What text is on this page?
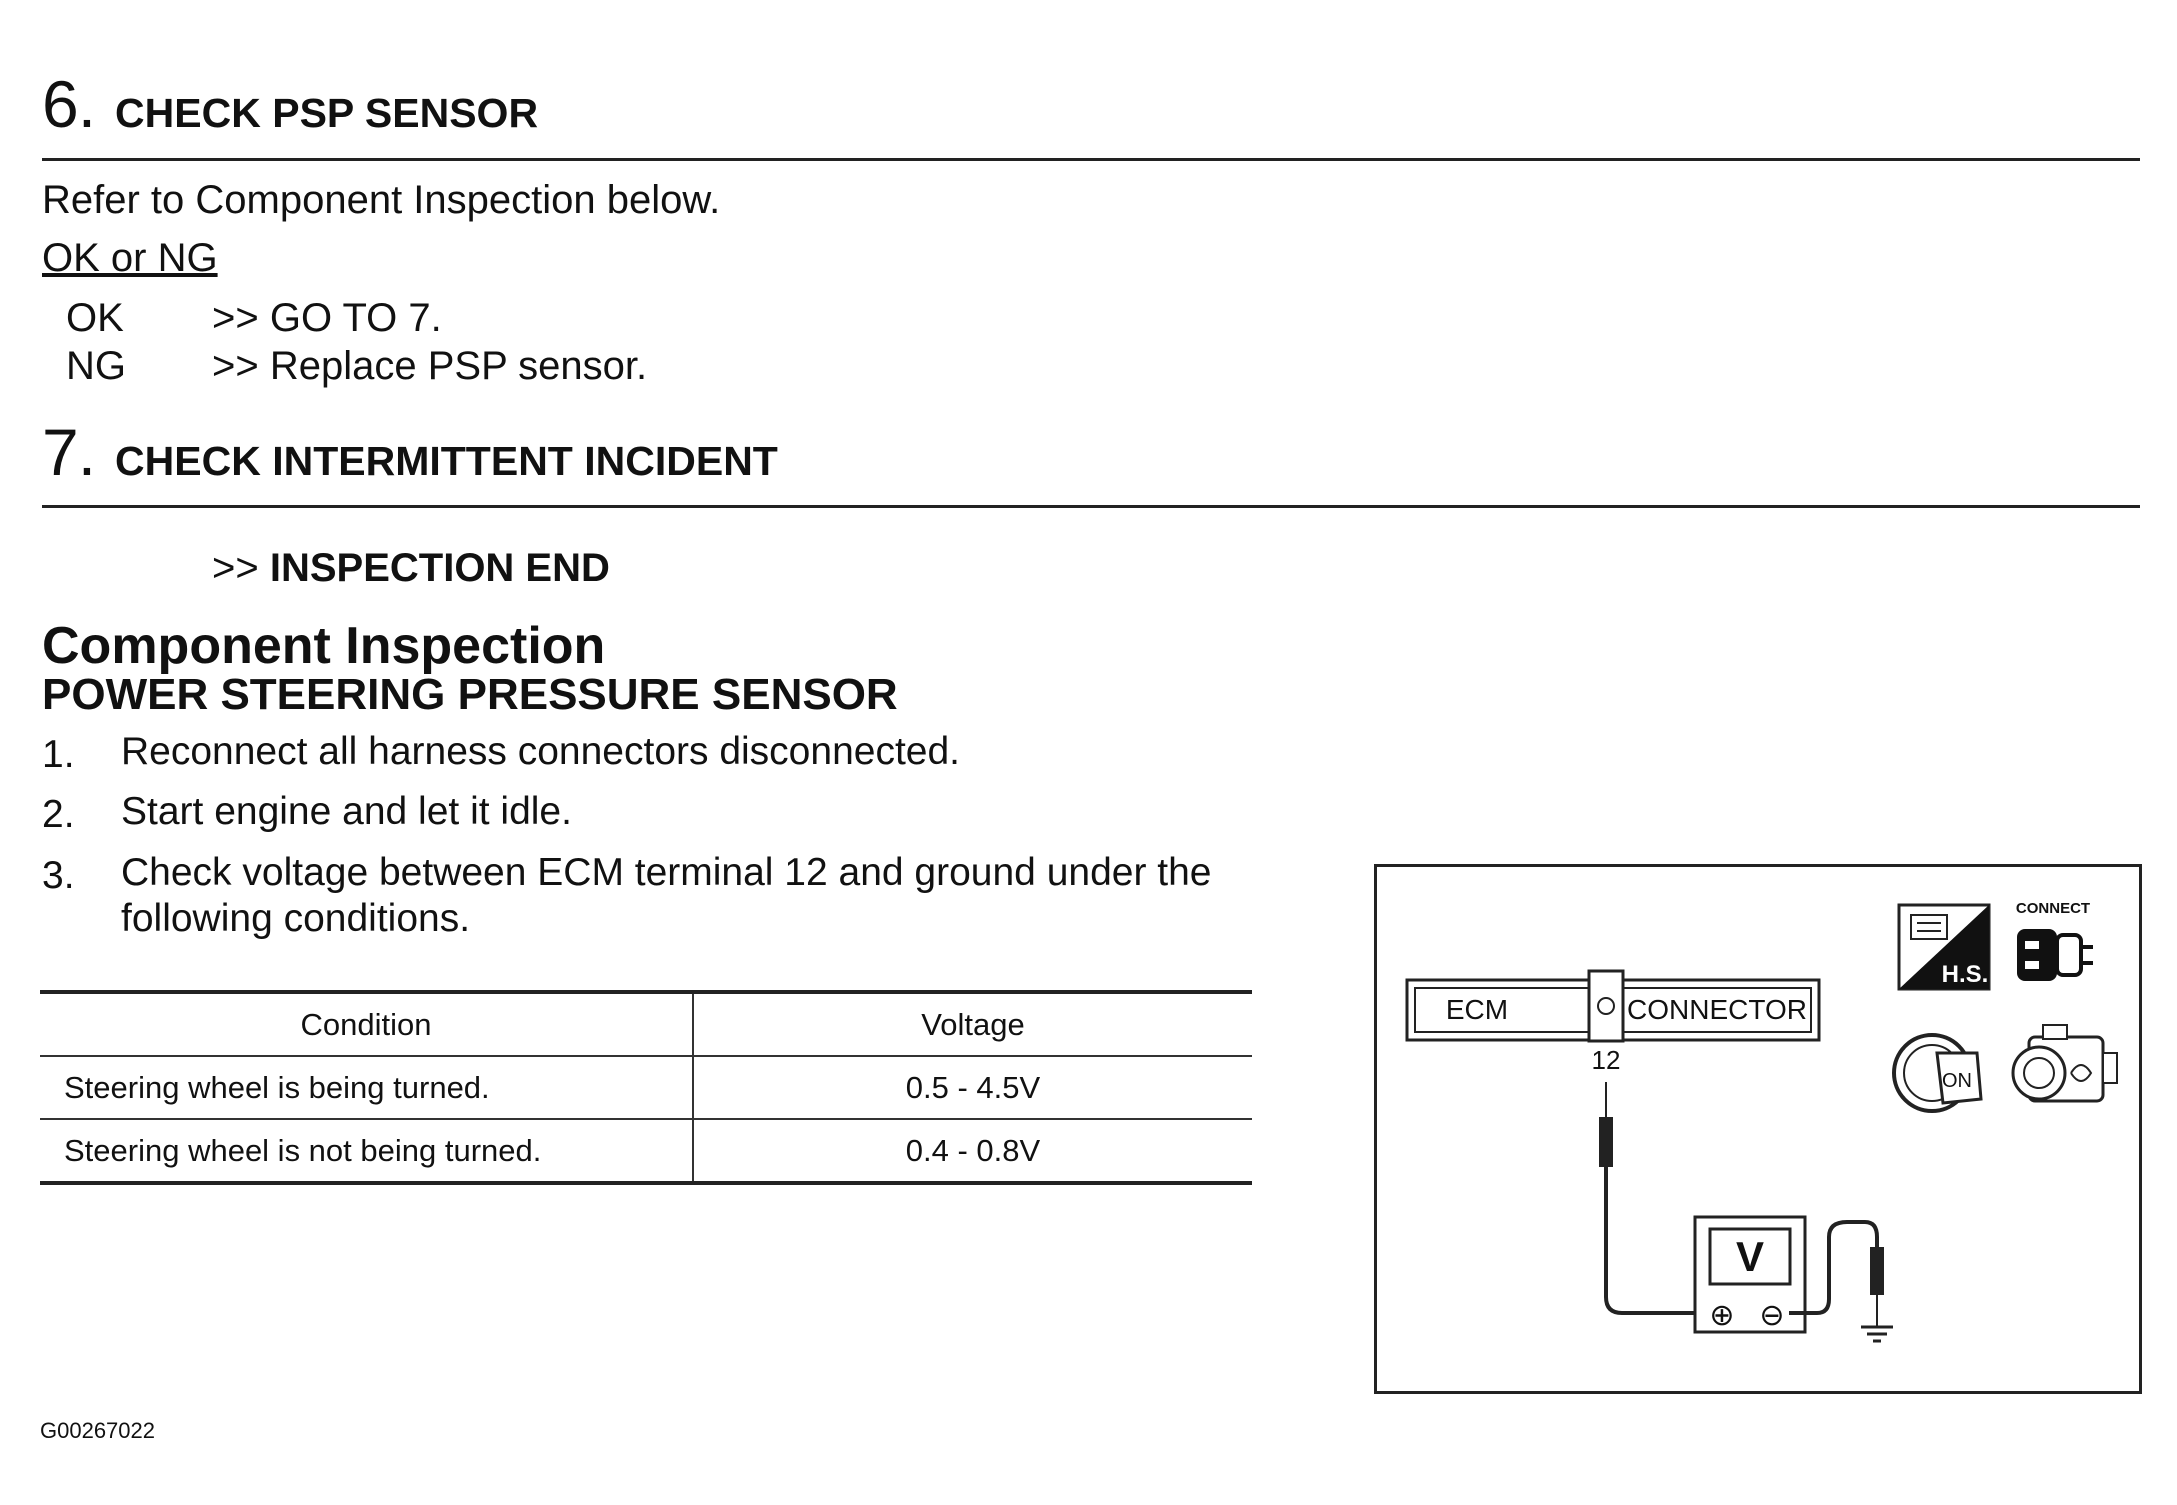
6. CHECK PSP SENSOR
Refer to Component Inspection below.
OK or NG
OK >> GO TO 7.
NG >> Replace PSP sensor.
7. CHECK INTERMITTENT INCIDENT
>> INSPECTION END
Component Inspection
POWER STEERING PRESSURE SENSOR
1. Reconnect all harness connectors disconnected.
2. Start engine and let it idle.
3. Check voltage between ECM terminal 12 and ground under the following conditions.
Condition	Voltage
Steering wheel is being turned.	0.5 - 4.5V
Steering wheel is not being turned.	0.4 - 0.8V
ECM	CONNECTOR
12
V
⊕ ⊖
H.S.
CONNECT
ON
G00267022
